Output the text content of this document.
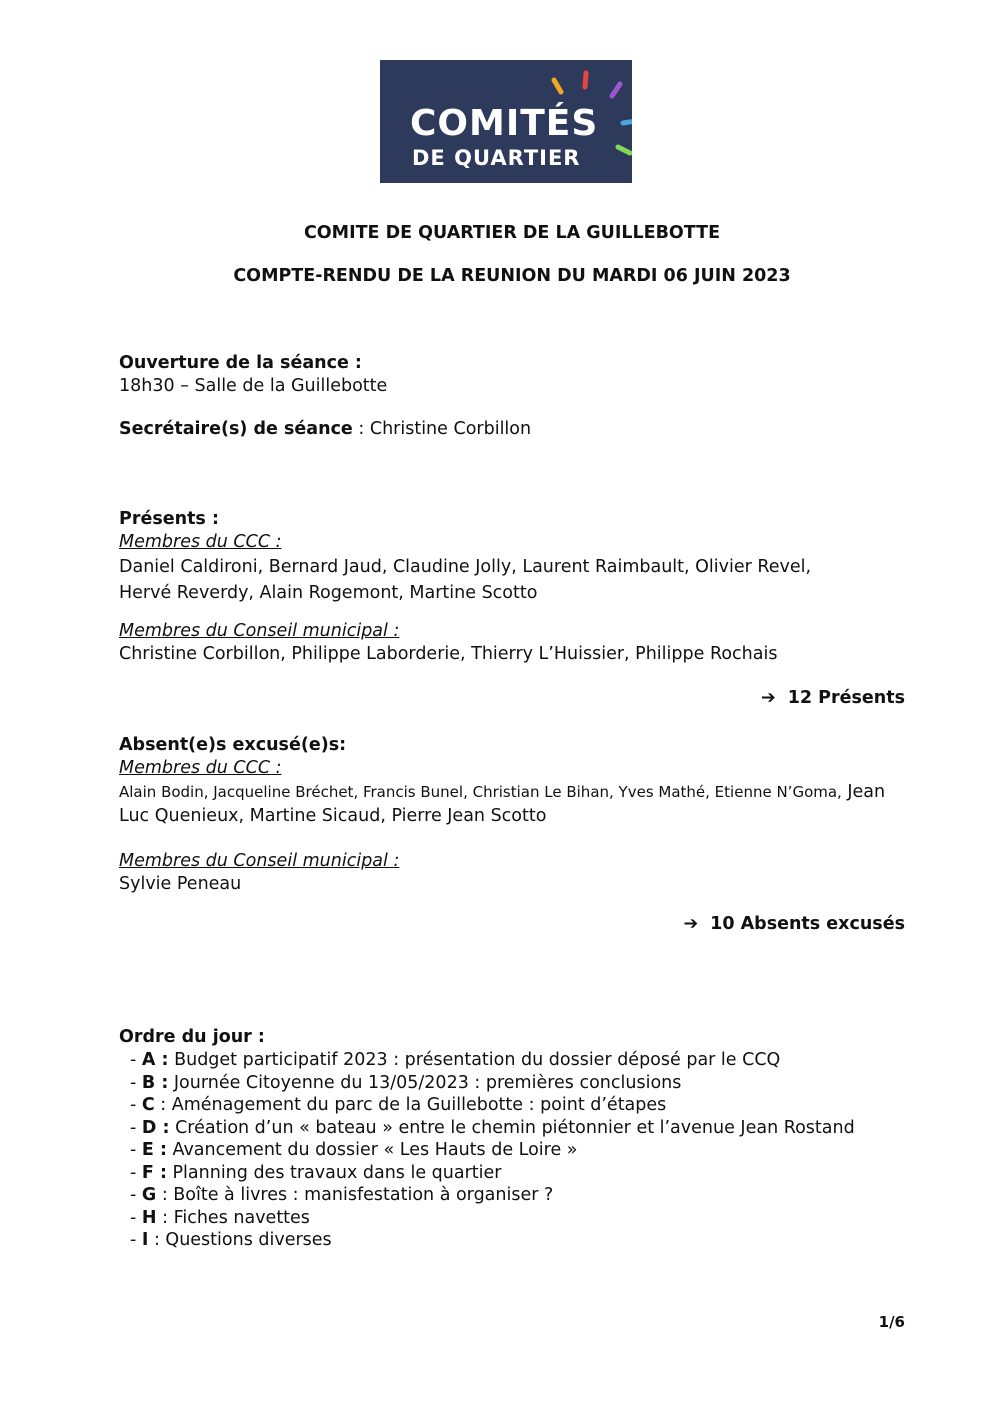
COMITÉS
DE QUARTIER
COMITE DE QUARTIER DE LA GUILLEBOTTE
COMPTE-RENDU DE LA REUNION DU MARDI 06 JUIN 2023
Ouverture de la séance :
18h30 – Salle de la Guillebotte
Secrétaire(s) de séance : Christine Corbillon
Présents :
Membres du CCC :
Daniel Caldironi, Bernard Jaud, Claudine Jolly, Laurent Raimbault, Olivier Revel,
Hervé Reverdy, Alain Rogemont, Martine Scotto
Membres du Conseil municipal :
Christine Corbillon, Philippe Laborderie, Thierry L’Huissier, Philippe Rochais
➔ 12 Présents
Absent(e)s excusé(e)s:
Membres du CCC :
Alain Bodin, Jacqueline Bréchet, Francis Bunel, Christian Le Bihan, Yves Mathé, Etienne N’Goma, Jean
Luc Quenieux, Martine Sicaud, Pierre Jean Scotto
Membres du Conseil municipal :
Sylvie Peneau
➔ 10 Absents excusés
Ordre du jour :
- A : Budget participatif 2023 : présentation du dossier déposé par le CCQ
- B : Journée Citoyenne du 13/05/2023 : premières conclusions
- C : Aménagement du parc de la Guillebotte : point d’étapes
- D : Création d’un « bateau » entre le chemin piétonnier et l’avenue Jean Rostand
- E : Avancement du dossier « Les Hauts de Loire »
- F : Planning des travaux dans le quartier
- G : Boîte à livres : manisfestation à organiser ?
- H : Fiches navettes
- I : Questions diverses
1/6
